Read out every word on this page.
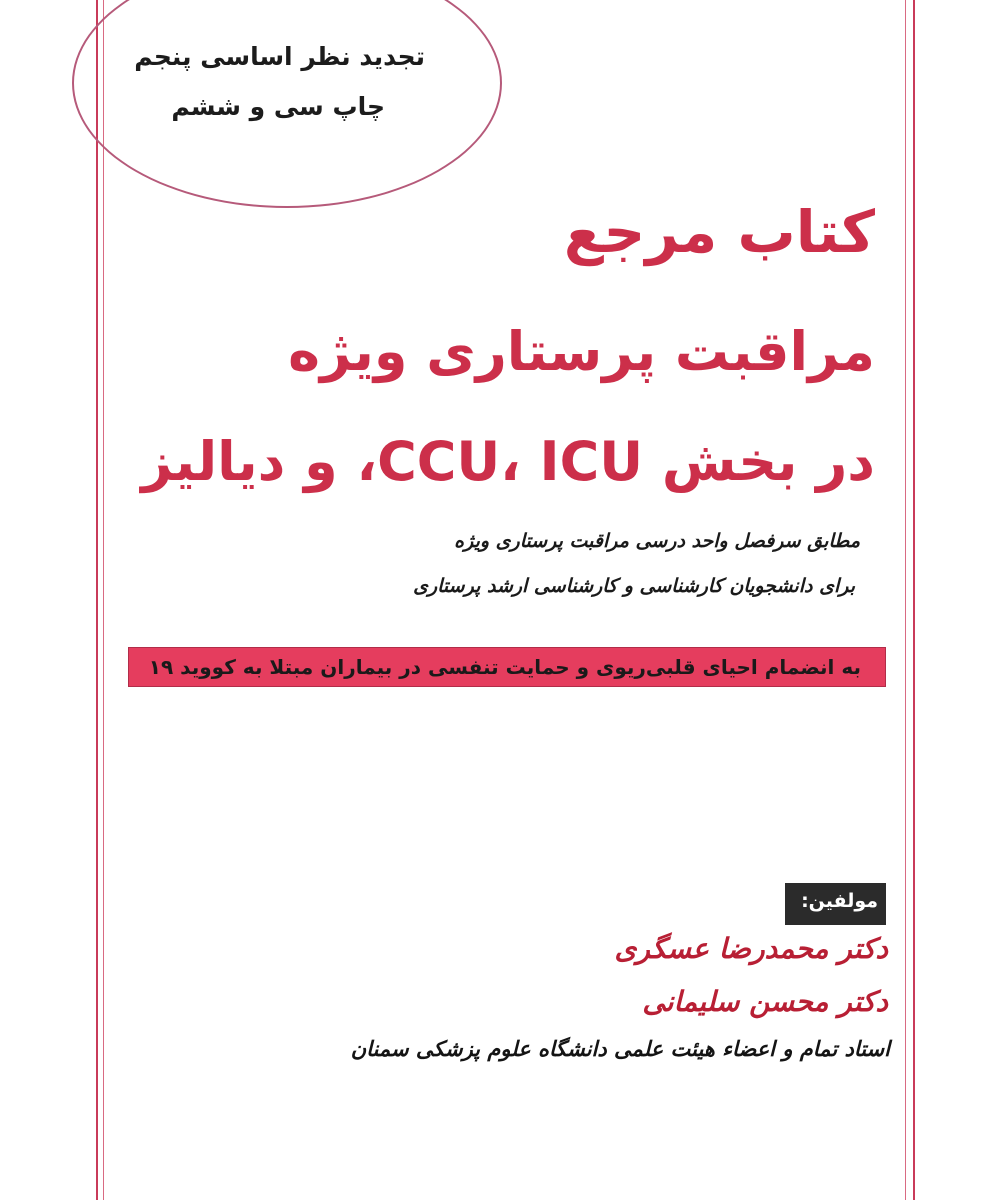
تجدید نظر اساسی پنجم
چاپ سی و ششم
کتاب مرجع
مراقبت پرستاری ویژه
در بخش CCU، ICU، و دیالیز
مطابق سرفصل واحد درسی مراقبت پرستاری ویژه
برای دانشجویان کارشناسی و کارشناسی ارشد پرستاری
به انضمام احیای قلبی‌ریوی و حمایت تنفسی در بیماران مبتلا به کووید ۱۹
مولفین:
دکتر محمدرضا عسگری
دکتر محسن سلیمانی
استاد تمام و اعضاء هیئت علمی دانشگاه علوم پزشکی سمنان
